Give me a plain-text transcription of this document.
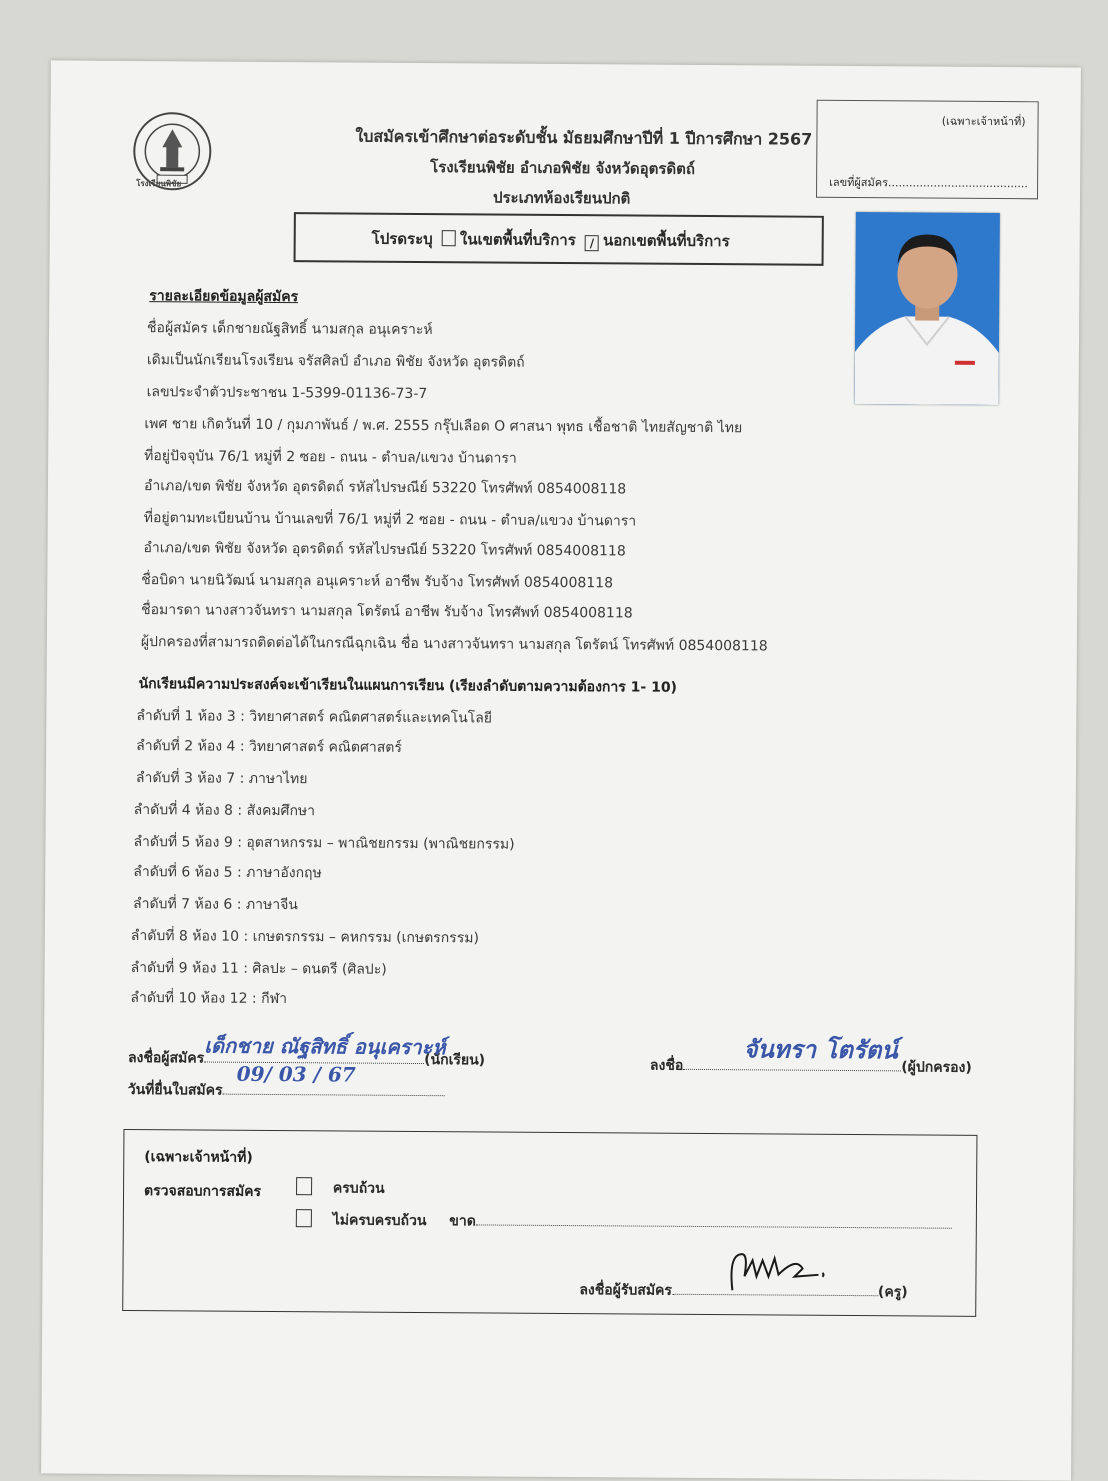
ใบสมัครเข้าศึกษาต่อระดับชั้น มัธยมศึกษาปีที่ 1 ปีการศึกษา 2567
โรงเรียนพิชัย อำเภอพิชัย จังหวัดอุตรดิตถ์
ประเภทห้องเรียนปกติ
(เฉพาะเจ้าหน้าที่)
เลขที่ผู้สมัคร........................................
โปรดระบุ ในเขตพื้นที่บริการ / นอกเขตพื้นที่บริการ
รายละเอียดข้อมูลผู้สมัคร
ชื่อผู้สมัคร เด็กชายณัฐสิทธิ์ นามสกุล อนุเคราะห์
เดิมเป็นนักเรียนโรงเรียน จรัสศิลป์ อำเภอ พิชัย จังหวัด อุตรดิตถ์
เลขประจำตัวประชาชน 1-5399-01136-73-7
เพศ ชาย เกิดวันที่ 10 / กุมภาพันธ์ / พ.ศ. 2555 กรุ๊ปเลือด O ศาสนา พุทธ เชื้อชาติ ไทยสัญชาติ ไทย
ที่อยู่ปัจจุบัน 76/1 หมู่ที่ 2 ซอย - ถนน - ตำบล/แขวง บ้านดารา
อำเภอ/เขต พิชัย จังหวัด อุตรดิตถ์ รหัสไปรษณีย์ 53220 โทรศัพท์ 0854008118
ที่อยู่ตามทะเบียนบ้าน บ้านเลขที่ 76/1 หมู่ที่ 2 ซอย - ถนน - ตำบล/แขวง บ้านดารา
อำเภอ/เขต พิชัย จังหวัด อุตรดิตถ์ รหัสไปรษณีย์ 53220 โทรศัพท์ 0854008118
ชื่อบิดา นายนิวัฒน์ นามสกุล อนุเคราะห์ อาชีพ รับจ้าง โทรศัพท์ 0854008118
ชื่อมารดา นางสาวจันทรา นามสกุล โตรัตน์ อาชีพ รับจ้าง โทรศัพท์ 0854008118
ผู้ปกครองที่สามารถติดต่อได้ในกรณีฉุกเฉิน ชื่อ นางสาวจันทรา นามสกุล โตรัตน์ โทรศัพท์ 0854008118
นักเรียนมีความประสงค์จะเข้าเรียนในแผนการเรียน (เรียงลำดับตามความต้องการ 1- 10)
ลำดับที่ 1 ห้อง 3 : วิทยาศาสตร์ คณิตศาสตร์และเทคโนโลยี
ลำดับที่ 2 ห้อง 4 : วิทยาศาสตร์ คณิตศาสตร์
ลำดับที่ 3 ห้อง 7 : ภาษาไทย
ลำดับที่ 4 ห้อง 8 : สังคมศึกษา
ลำดับที่ 5 ห้อง 9 : อุตสาหกรรม – พาณิชยกรรม (พาณิชยกรรม)
ลำดับที่ 6 ห้อง 5 : ภาษาอังกฤษ
ลำดับที่ 7 ห้อง 6 : ภาษาจีน
ลำดับที่ 8 ห้อง 10 : เกษตรกรรม – คหกรรม (เกษตรกรรม)
ลำดับที่ 9 ห้อง 11 : ศิลปะ – ดนตรี (ศิลปะ)
ลำดับที่ 10 ห้อง 12 : กีฬา
ลงชื่อผู้สมัคร เด็กชาย ณัฐสิทธิ์ อนุเคราะห์
(นักเรียน)
วันที่ยื่นใบสมัคร
09/ 03 / 67	ลงชื่อ
จันทรา โตรัตน์
(ผู้ปกครอง)
(เฉพาะเจ้าหน้าที่)
ตรวจสอบการสมัคร	ครบถ้วน
ไม่ครบครบถ้วน ขาด
ลงชื่อผู้รับสมัคร	(ครู)
โรงเรียนพิชัย
